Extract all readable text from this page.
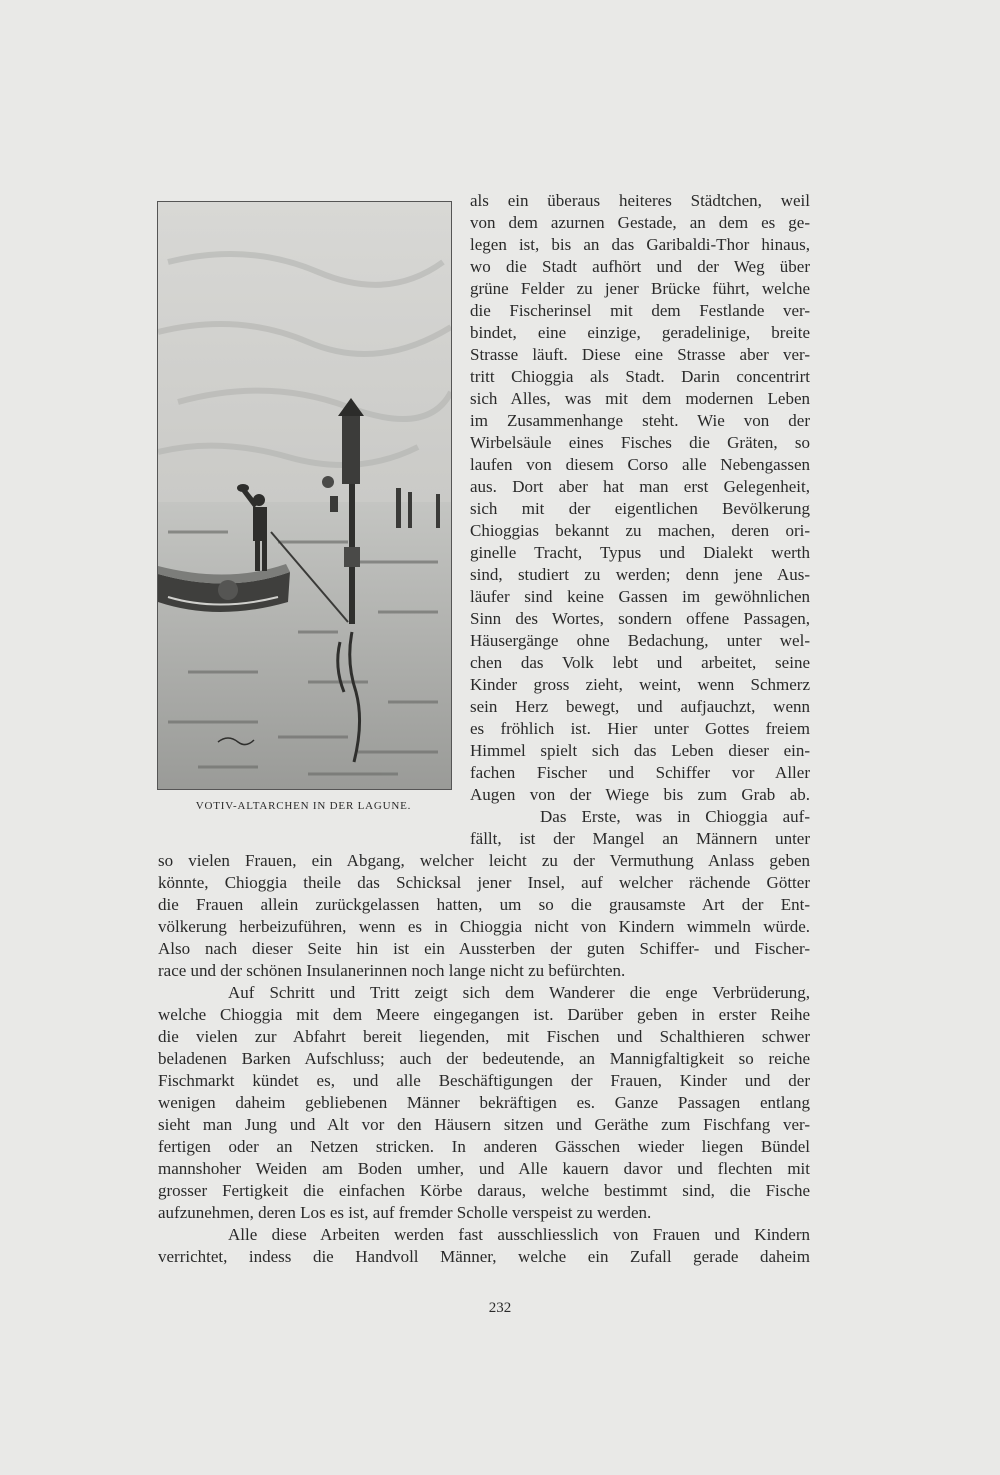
VOTIV-ALTARCHEN IN DER LAGUNE.
als ein überaus heiteres Städtchen, weil
von dem azurnen Gestade, an dem es ge-
legen ist, bis an das Garibaldi-Thor hinaus,
wo die Stadt aufhört und der Weg über
grüne Felder zu jener Brücke führt, welche
die Fischerinsel mit dem Festlande ver-
bindet, eine einzige, geradelinige, breite
Strasse läuft. Diese eine Strasse aber ver-
tritt Chioggia als Stadt. Darin concentrirt
sich Alles, was mit dem modernen Leben
im Zusammenhange steht. Wie von der
Wirbelsäule eines Fisches die Gräten, so
laufen von diesem Corso alle Nebengassen
aus. Dort aber hat man erst Gelegenheit,
sich mit der eigentlichen Bevölkerung
Chioggias bekannt zu machen, deren ori-
ginelle Tracht, Typus und Dialekt werth
sind, studiert zu werden; denn jene Aus-
läufer sind keine Gassen im gewöhnlichen
Sinn des Wortes, sondern offene Passagen,
Häusergänge ohne Bedachung, unter wel-
chen das Volk lebt und arbeitet, seine
Kinder gross zieht, weint, wenn Schmerz
sein Herz bewegt, und aufjauchzt, wenn
es fröhlich ist. Hier unter Gottes freiem
Himmel spielt sich das Leben dieser ein-
fachen Fischer und Schiffer vor Aller
Augen von der Wiege bis zum Grab ab.
Das Erste, was in Chioggia auf-
fällt, ist der Mangel an Männern unter
so vielen Frauen, ein Abgang, welcher leicht zu der Vermuthung Anlass geben
könnte, Chioggia theile das Schicksal jener Insel, auf welcher rächende Götter
die Frauen allein zurückgelassen hatten, um so die grausamste Art der Ent-
völkerung herbeizuführen, wenn es in Chioggia nicht von Kindern wimmeln würde.
Also nach dieser Seite hin ist ein Aussterben der guten Schiffer- und Fischer-
race und der schönen Insulanerinnen noch lange nicht zu befürchten.
Auf Schritt und Tritt zeigt sich dem Wanderer die enge Verbrüderung,
welche Chioggia mit dem Meere eingegangen ist. Darüber geben in erster Reihe
die vielen zur Abfahrt bereit liegenden, mit Fischen und Schalthieren schwer
beladenen Barken Aufschluss; auch der bedeutende, an Mannigfaltigkeit so reiche
Fischmarkt kündet es, und alle Beschäftigungen der Frauen, Kinder und der
wenigen daheim gebliebenen Männer bekräftigen es. Ganze Passagen entlang
sieht man Jung und Alt vor den Häusern sitzen und Geräthe zum Fischfang ver-
fertigen oder an Netzen stricken. In anderen Gässchen wieder liegen Bündel
mannshoher Weiden am Boden umher, und Alle kauern davor und flechten mit
grosser Fertigkeit die einfachen Körbe daraus, welche bestimmt sind, die Fische
aufzunehmen, deren Los es ist, auf fremder Scholle verspeist zu werden.
Alle diese Arbeiten werden fast ausschliesslich von Frauen und Kindern
verrichtet, indess die Handvoll Männer, welche ein Zufall gerade daheim
232
